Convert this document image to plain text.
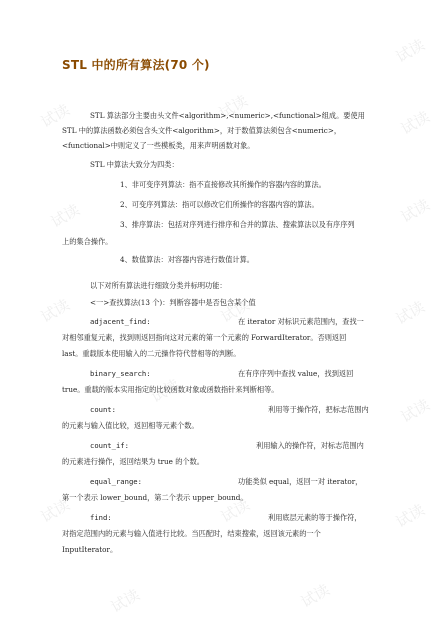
试读
试读	试读
试读
试读	试读
试读	试读	试读
试读
试读
试读	试读	试读
试读	试读
STL 中的所有算法(70 个)
STL 算法部分主要由头文件<algorithm>,<numeric>,<functional>组成。要使用
STL 中的算法函数必须包含头文件<algorithm>，对于数值算法须包含<numeric>，
<functional>中则定义了一些模板类，用来声明函数对象。
STL 中算法大致分为四类：
1、非可变序列算法：指不直接修改其所操作的容器内容的算法。
2、可变序列算法：指可以修改它们所操作的容器内容的算法。
3、排序算法：包括对序列进行排序和合并的算法、搜索算法以及有序序列
上的集合操作。
4、数值算法：对容器内容进行数值计算。
以下对所有算法进行细致分类并标明功能：
<一>查找算法(13 个)：判断容器中是否包含某个值
adjacent_find:	在 iterator 对标识元素范围内，查找一
对相邻重复元素，找到则返回指向这对元素的第一个元素的 ForwardIterator。否则返回
last。重载版本使用输入的二元操作符代替相等的判断。
binary_search:	在有序序列中查找 value，找到返回
true。重载的版本实用指定的比较函数对象或函数指针来判断相等。
count:	利用等于操作符，把标志范围内
的元素与输入值比较，返回相等元素个数。
count_if:	利用输入的操作符，对标志范围内
的元素进行操作，返回结果为 true 的个数。
equal_range:	功能类似 equal，返回一对 iterator，
第一个表示 lower_bound，第二个表示 upper_bound。
find:	利用底层元素的等于操作符，
对指定范围内的元素与输入值进行比较。当匹配时，结束搜索，返回该元素的一个
InputIterator。
